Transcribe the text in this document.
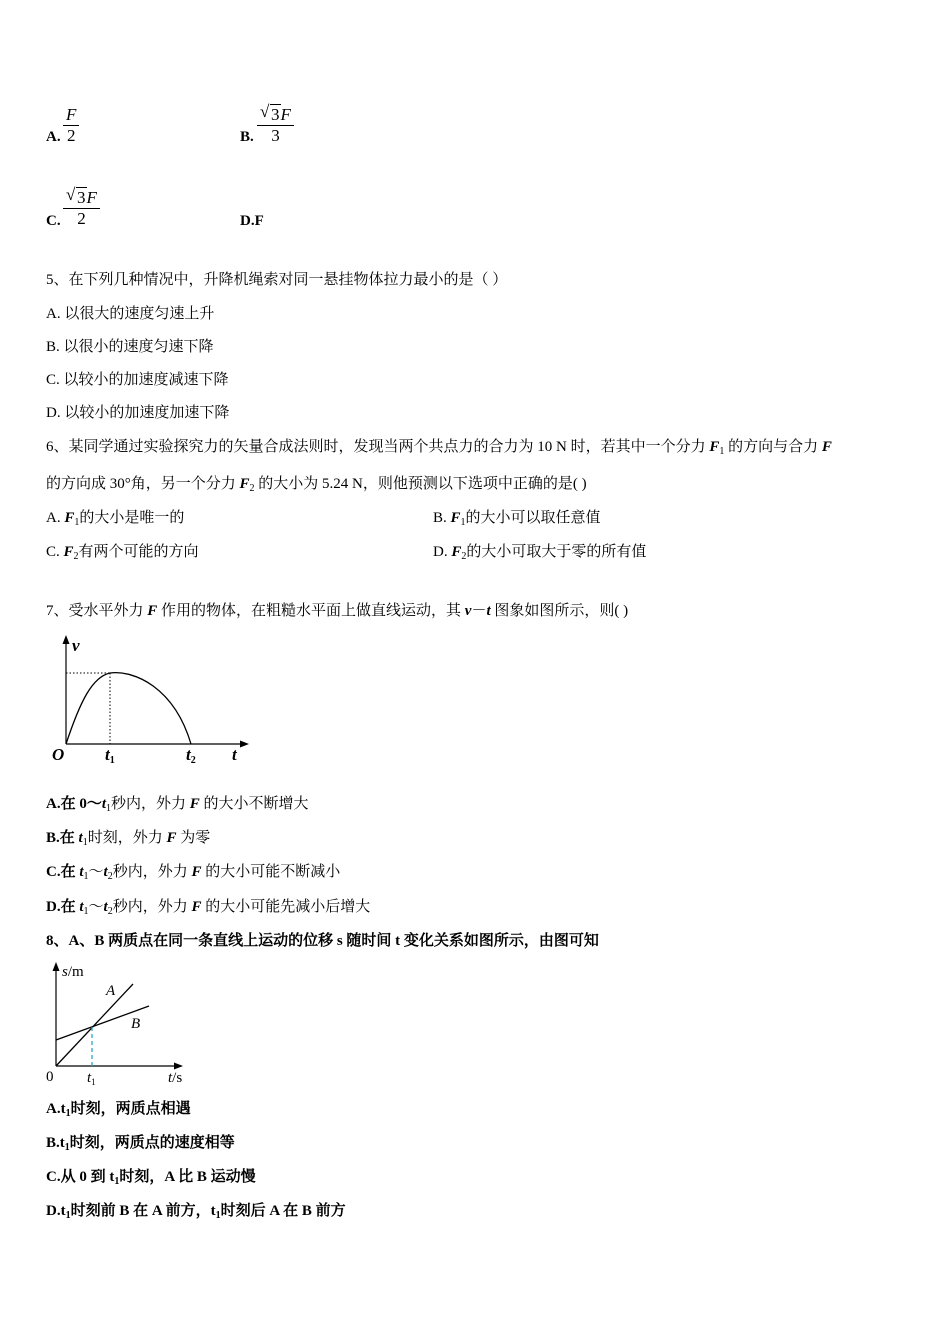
A.
F
2	B.
√ 3F
3
C.
√ 3F
2	D.F
5、在下列几种情况中，升降机绳索对同一悬挂物体拉力最小的是（ ）
A. 以很大的速度匀速上升
B. 以很小的速度匀速下降
C. 以较小的加速度减速下降
D. 以较小的加速度加速下降
6、某同学通过实验探究力的矢量合成法则时，发现当两个共点力的合力为 10 N 时，若其中一个分力 $F_1$ 的方向与合力 F
的方向成 30°角，另一个分力 $F_2$ 的大小为 5.24 N，则他预测以下选项中正确的是( )
A. $F_1$的大小是唯一的	B. $F_1$的大小可以取任意值
C. $F_2$有两个可能的方向	D. $F_2$的大小可取大于零的所有值
7、受水平外力 F 作用的物体，在粗糙水平面上做直线运动，其 v－t 图象如图所示，则( )
v
O t1	t2 t
A.在 $0\sim t_1$秒内，外力 F 的大小不断增大
B.在 $t_1$时刻，外力 F 为零
C.在 $t_1\sim t_2$秒内，外力 F 的大小可能不断减小
D.在 $t_1\sim t_2$秒内，外力 F 的大小可能先减小后增大
8、A、B 两质点在同一条直线上运动的位移 s 随时间 t 变化关系如图所示，由图可知
s/m
A
B
0 $t_1$	t/s
$A.t_1$时刻，两质点相遇
$B.t_1$时刻，两质点的速度相等
C.从 0 到 $t_1$时刻，A 比 B 运动慢
$D.t_1$时刻前 B 在 A 前方，$t_1$时刻后 A 在 B 前方
